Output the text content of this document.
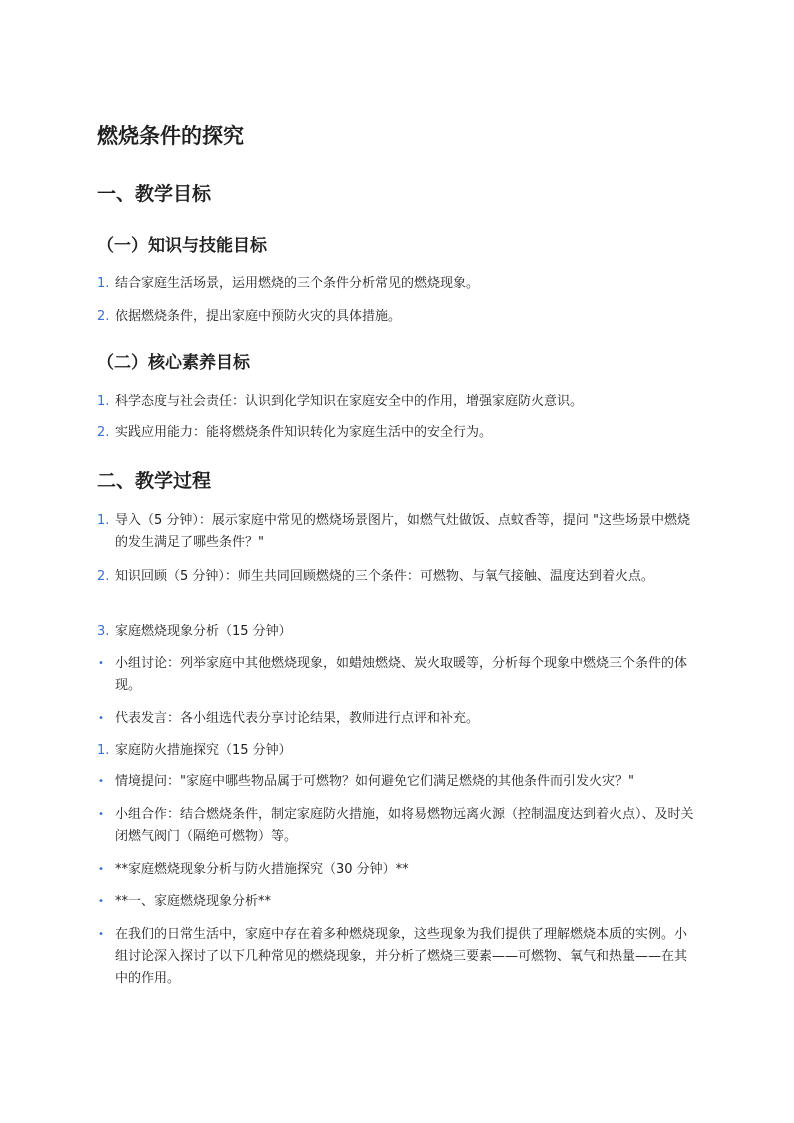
燃烧条件的探究
一、教学目标
（一）知识与技能目标
1. 结合家庭生活场景，运用燃烧的三个条件分析常见的燃烧现象。
2. 依据燃烧条件，提出家庭中预防火灾的具体措施。
（二）核心素养目标
1. 科学态度与社会责任：认识到化学知识在家庭安全中的作用，增强家庭防火意识。
2. 实践应用能力：能将燃烧条件知识转化为家庭生活中的安全行为。
二、教学过程
1. 导入（5 分钟）：展示家庭中常见的燃烧场景图片，如燃气灶做饭、点蚊香等，提问 "这些场景中燃烧的发生满足了哪些条件？"
2. 知识回顾（5 分钟）：师生共同回顾燃烧的三个条件：可燃物、与氧气接触、温度达到着火点。
3. 家庭燃烧现象分析（15 分钟）
• 小组讨论：列举家庭中其他燃烧现象，如蜡烛燃烧、炭火取暖等，分析每个现象中燃烧三个条件的体现。
• 代表发言：各小组选代表分享讨论结果，教师进行点评和补充。
1. 家庭防火措施探究（15 分钟）
• 情境提问："家庭中哪些物品属于可燃物？如何避免它们满足燃烧的其他条件而引发火灾？"
• 小组合作：结合燃烧条件，制定家庭防火措施，如将易燃物远离火源（控制温度达到着火点）、及时关闭燃气阀门（隔绝可燃物）等。
• **家庭燃烧现象分析与防火措施探究（30 分钟）**
• **一、家庭燃烧现象分析**
• 在我们的日常生活中，家庭中存在着多种燃烧现象，这些现象为我们提供了理解燃烧本质的实例。小组讨论深入探讨了以下几种常见的燃烧现象，并分析了燃烧三要素——可燃物、氧气和热量——在其中的作用。
